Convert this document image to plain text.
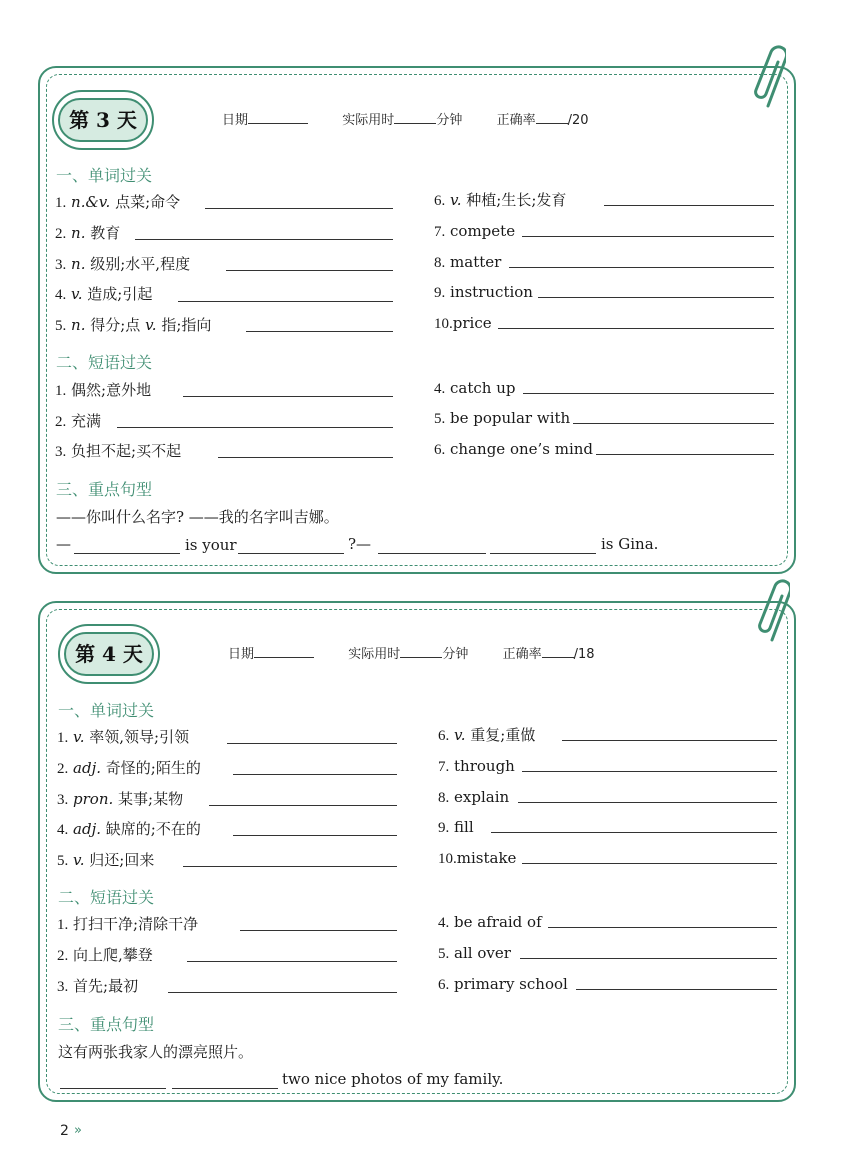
第 3 天	日期	实际用时	分钟	正确率 /20
一、单词过关
1. n.&v. 点菜;命令
2. n. 教育
3. n. 级别;水平,程度
4. v. 造成;引起
5. n. 得分;点 v. 指;指向
6. v. 种植;生长;发育
7. compete
8. matter
9. instruction
10.price
二、短语过关
1. 偶然;意外地
2. 充满
3. 负担不起;买不起
4. catch up
5. be popular with
6. change one’s mind
三、重点句型
——你叫什么名字? ——我的名字叫吉娜。
—	is your	?—	is Gina.
第 4 天	日期	实际用时	分钟	正确率 /18
一、单词过关
1. v. 率领,领导;引领
2. adj. 奇怪的;陌生的
3. pron. 某事;某物
4. adj. 缺席的;不在的
5. v. 归还;回来
6. v. 重复;重做
7. through
8. explain
9. fill
10.mistake
二、短语过关
1. 打扫干净;清除干净
2. 向上爬,攀登
3. 首先;最初
4. be afraid of
5. all over
6. primary school
三、重点句型
这有两张我家人的漂亮照片。
two nice photos of my family.
2 »
